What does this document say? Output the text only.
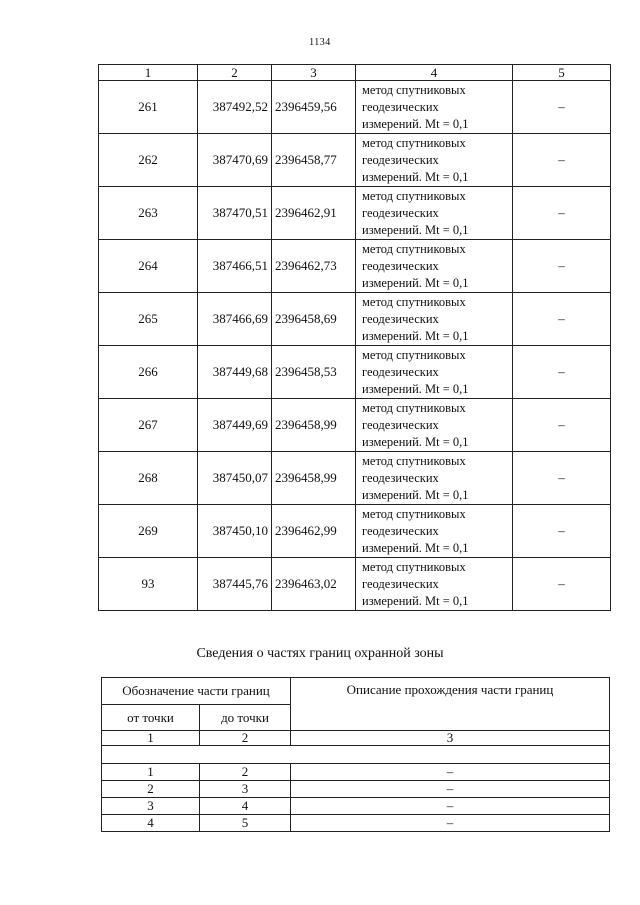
1134
1	2	3	4	5
261	387492,52	2396459,56	метод спутниковых
геодезических
измерений. Mt = 0,1	–
262	387470,69	2396458,77	метод спутниковых
геодезических
измерений. Mt = 0,1	–
263	387470,51	2396462,91	метод спутниковых
геодезических
измерений. Mt = 0,1	–
264	387466,51	2396462,73	метод спутниковых
геодезических
измерений. Mt = 0,1	–
265	387466,69	2396458,69	метод спутниковых
геодезических
измерений. Mt = 0,1	–
266	387449,68	2396458,53	метод спутниковых
геодезических
измерений. Mt = 0,1	–
267	387449,69	2396458,99	метод спутниковых
геодезических
измерений. Mt = 0,1	–
268	387450,07	2396458,99	метод спутниковых
геодезических
измерений. Mt = 0,1	–
269	387450,10	2396462,99	метод спутниковых
геодезических
измерений. Mt = 0,1	–
93	387445,76	2396463,02	метод спутниковых
геодезических
измерений. Mt = 0,1	–
Сведения о частях границ охранной зоны
Обозначение части границ		Описание прохождения части границ
от точки	до точки	
1	2	3

1	2	–
2	3	–
3	4	–
4	5	–
